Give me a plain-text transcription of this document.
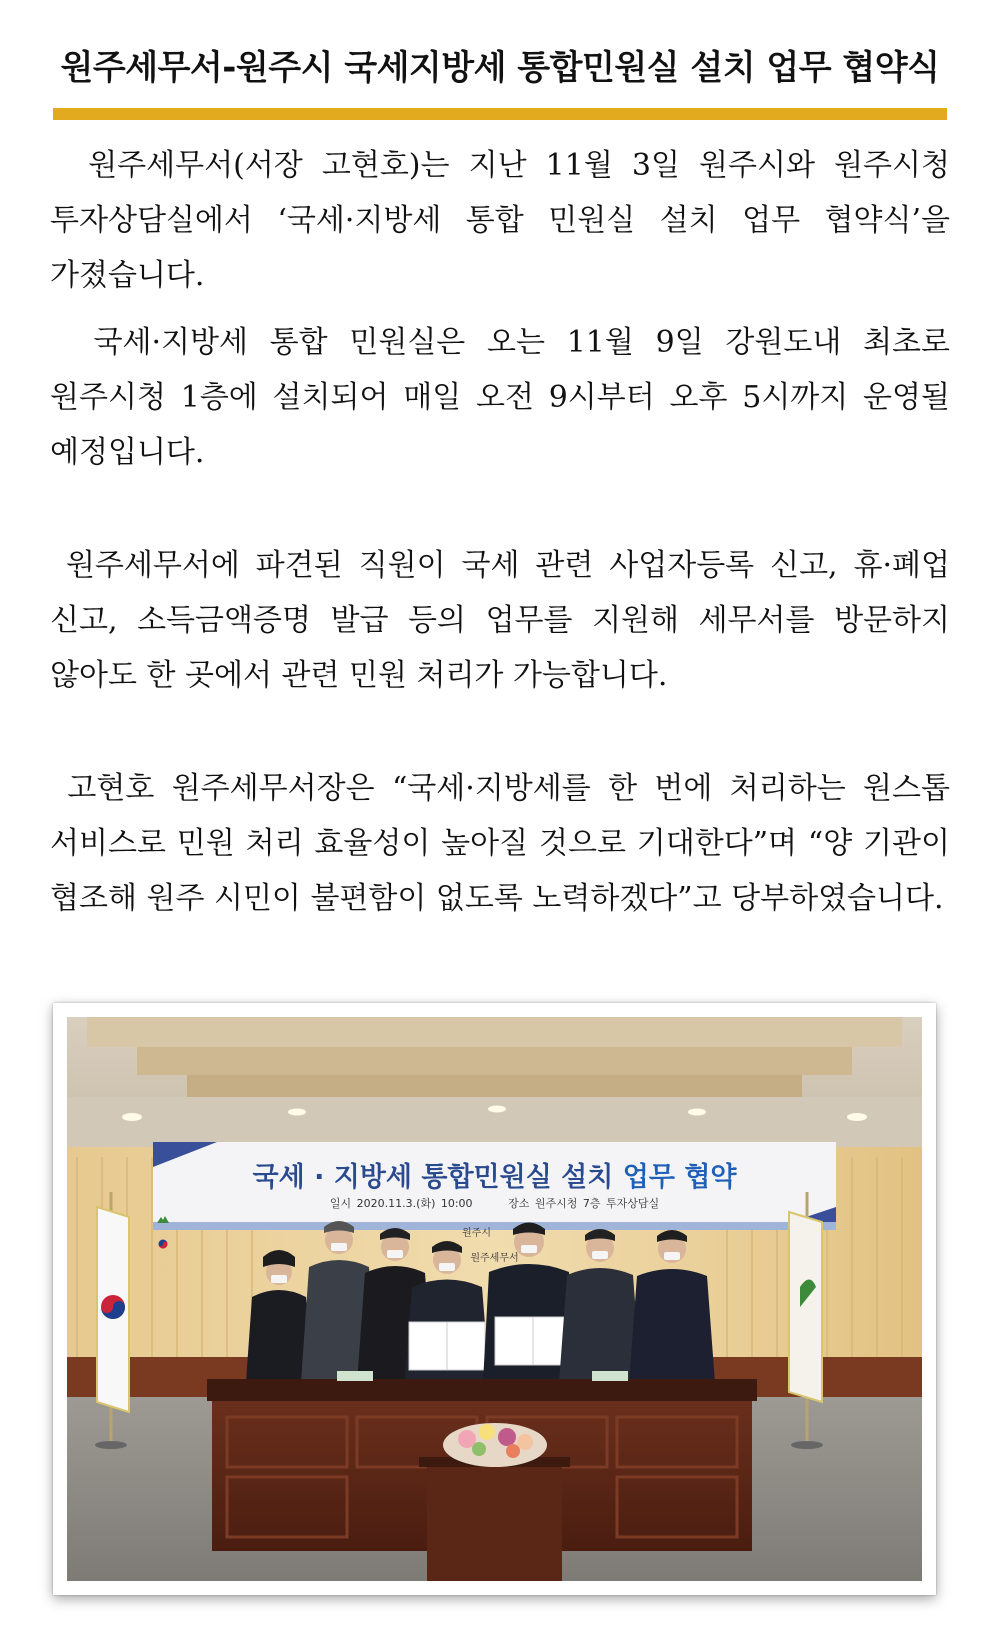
원주세무서-원주시 국세지방세 통합민원실 설치 업무 협약식

원주세무서(서장 고현호)는 지난 11월 3일 원주시와 원주시청 투자상담실에서 ‘국세·지방세 통합 민원실 설치 업무 협약식’을 가졌습니다.

국세·지방세 통합 민원실은 오는 11월 9일 강원도내 최초로 원주시청 1층에 설치되어 매일 오전 9시부터 오후 5시까지 운영될 예정입니다.

원주세무서에 파견된 직원이 국세 관련 사업자등록 신고, 휴·폐업 신고, 소득금액증명 발급 등의 업무를 지원해 세무서를 방문하지 않아도 한 곳에서 관련 민원 처리가 가능합니다.

고현호 원주세무서장은 “국세·지방세를 한 번에 처리하는 원스톱 서비스로 민원 처리 효율성이 높아질 것으로 기대한다”며 “양 기관이 협조해 원주 시민이 불편함이 없도록 노력하겠다”고 당부하였습니다.

국세 · 지방세 통합민원실 설치 업무 협약
일시 2020.11.3.(화) 10:00	장소 원주시청 7층 투자상담실
원주시
원주세무서
